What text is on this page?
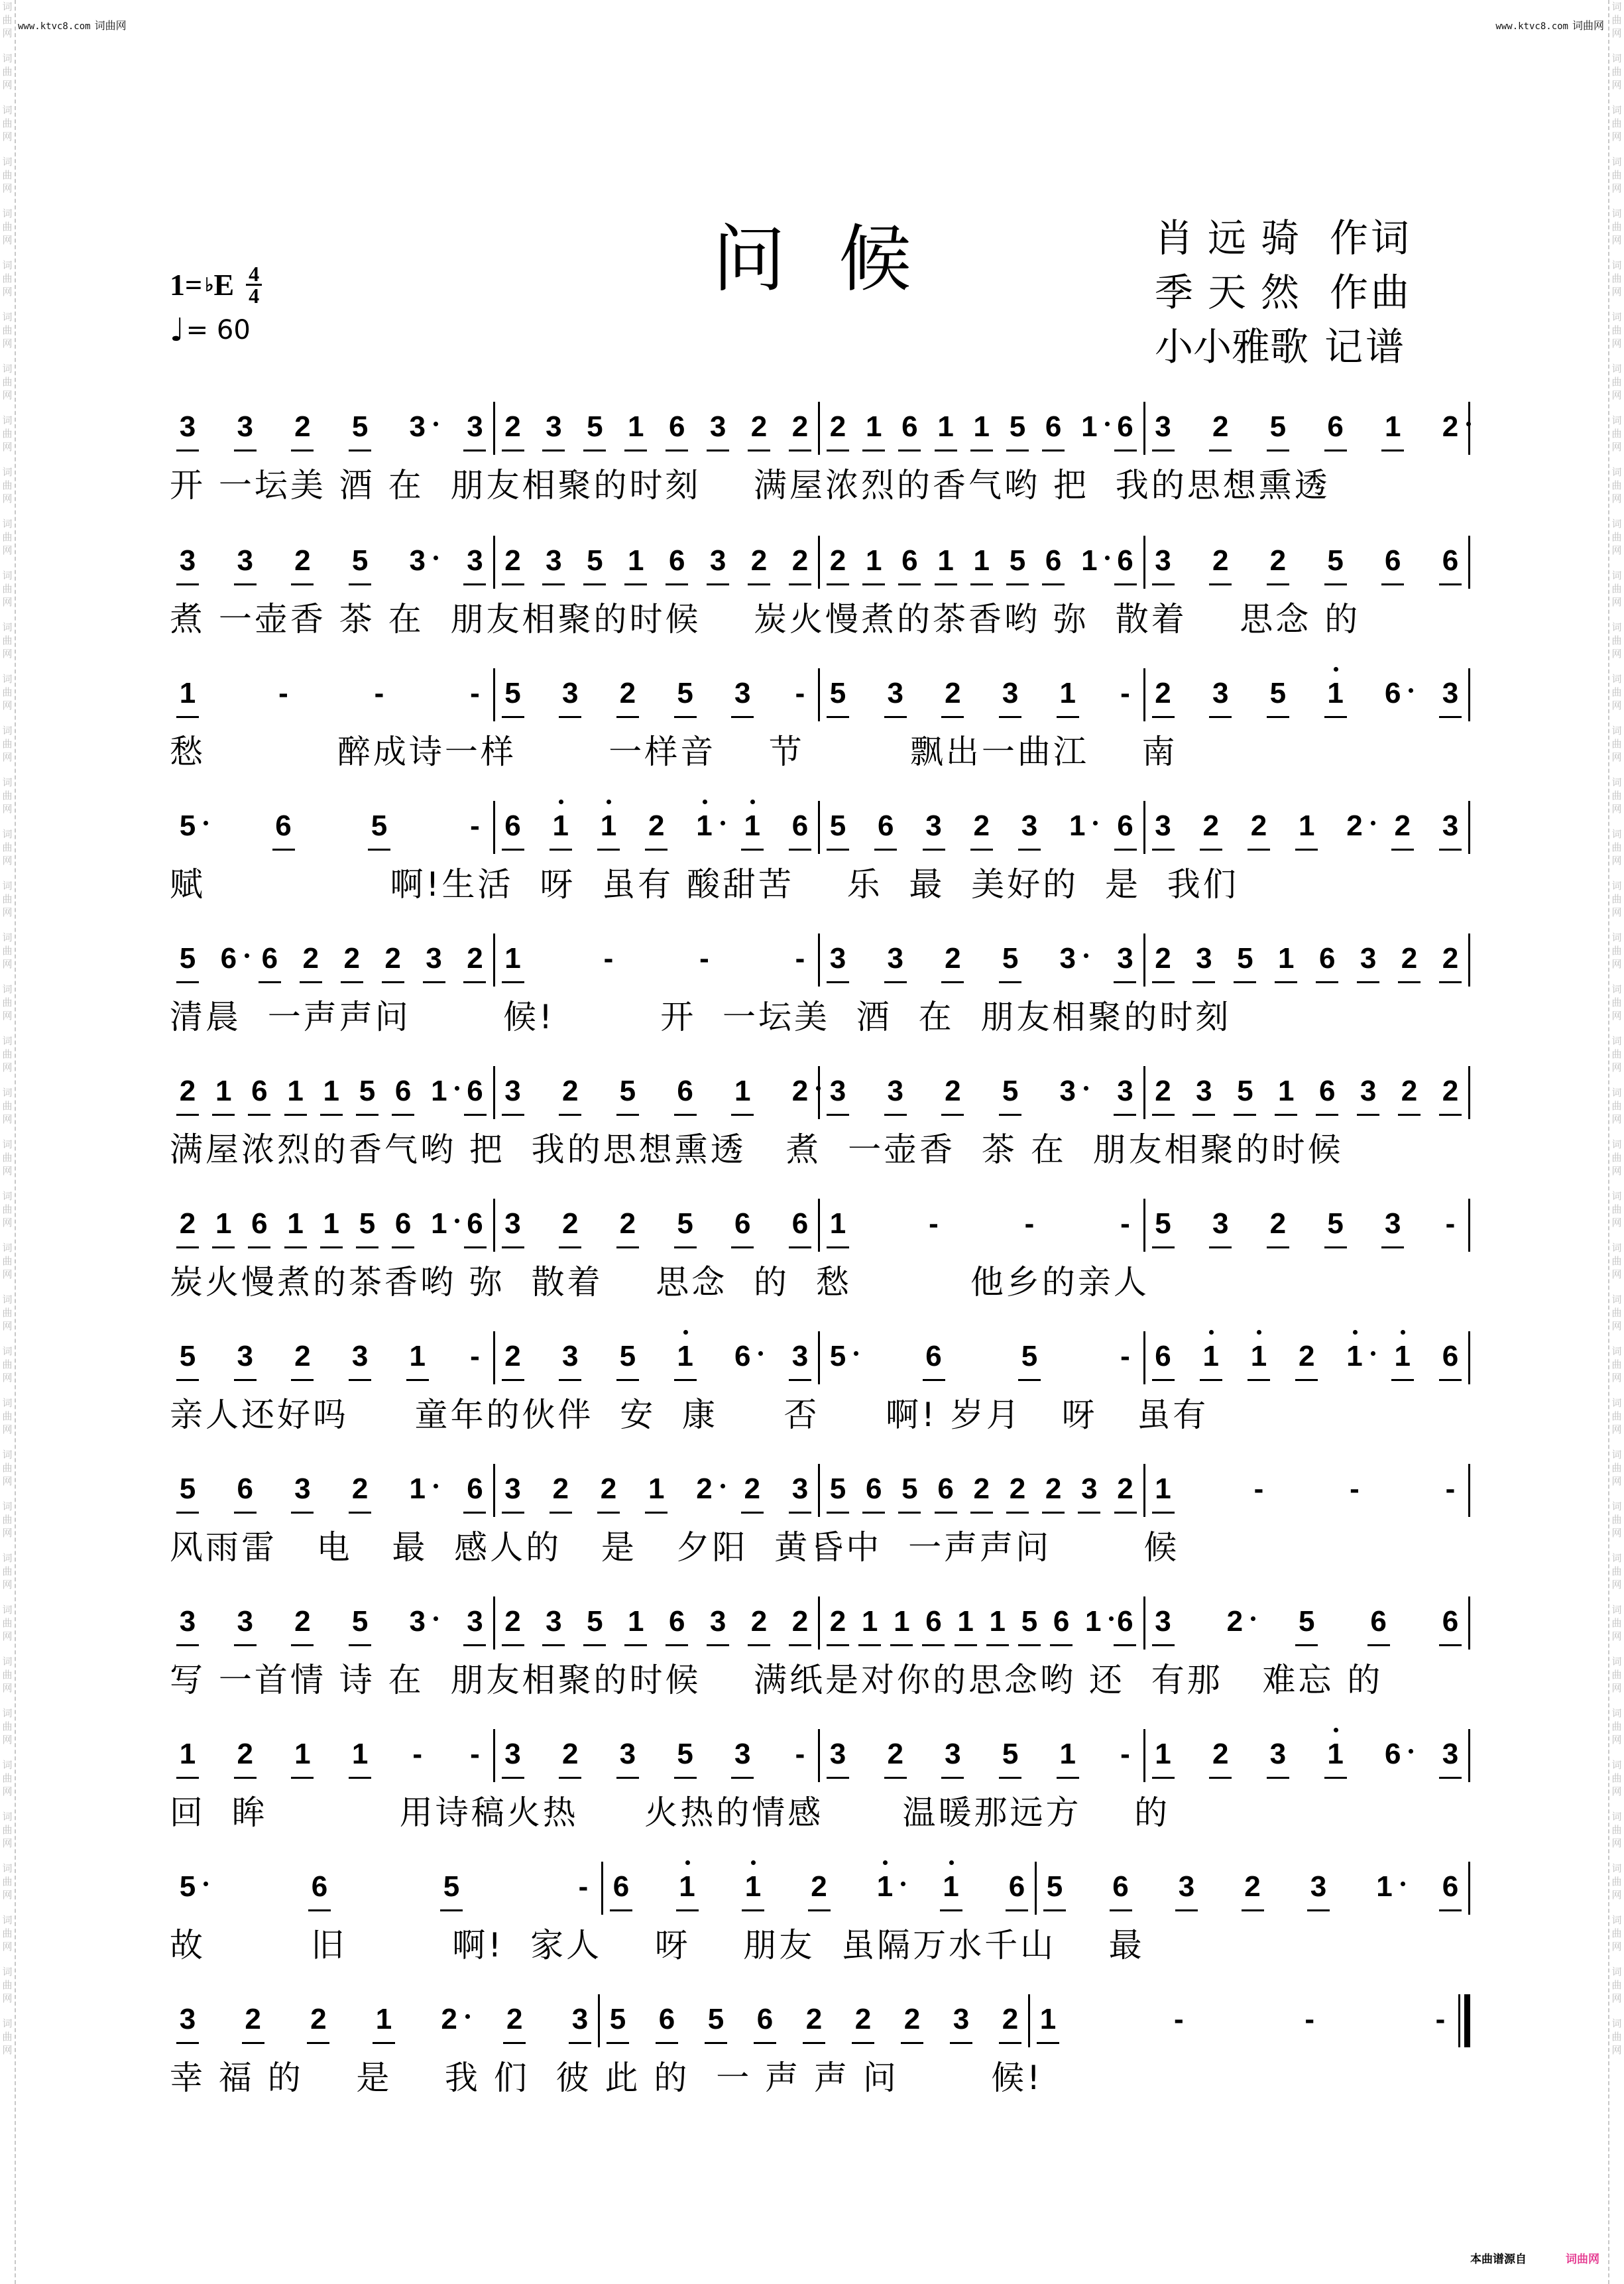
词
曲
网
词
曲
网
词
曲
网
词
曲
网
词
曲
网
词
曲
网
词
曲
网
词
曲
网
词
曲
网
词
曲
网
词
曲
网
词
曲
网
词
曲
网
词
曲
网
词
曲
网
词
曲
网
词
曲
网
词
曲
网
词
曲
网
词
曲
网
词
曲
网
词
曲
网
词
曲
网
词
曲
网
词
曲
网
词
曲
网
词
曲
网
词
曲
网
词
曲
网
词
曲
网
词
曲
网
词
曲
网
词
曲
网
词
曲
网
词
曲
网
词
曲
网
词
曲
网
词
曲
网
词
曲
网
词
曲
网
词
曲
网
词
曲
网
词
曲
网
词
曲
网
词
曲
网
词
曲
网
词
曲
网
词
曲
网
词
曲
网
词
曲
网
词
曲
网
词
曲
网
词
曲
网
词
曲
网
词
曲
网
词
曲
网
词
曲
网
词
曲
网
词
曲
网
词
曲
网
词
曲
网
词
曲
网
词
曲
网
词
曲
网
词
曲
网
词
曲
网
词
曲
网
词
曲
网
词
曲
网
词
曲
网
词
曲
网
词
曲
网
词
曲
网
词
曲
网
词
曲
网
词
曲
网
词
曲
网
词
曲
网
词
曲
网
词
曲
网
www.ktvc8.com 词曲网	www.ktvc8.com 词曲网
问候	肖远骑 作词
季天然 作曲
小小雅歌 记谱
1= ♭ E 4
4
♩ = 60
3 3 2 5 3 3 2 3 5 1 6 3 2 2 2 1 6 1 1 5 6 1 6 3 2 5 6 1 2
开 一坛美 酒 在  朋友相聚的时刻    满屋浓烈的香气哟 把  我的思想熏透
3 3 2 5 3 3 2 3 5 1 6 3 2 2 2 1 6 1 1 5 6 1 6 3 2 2 5 6 6
煮 一壶香 茶 在  朋友相聚的时候    炭火慢煮的茶香哟 弥  散着    思念 的
1	-	-	- 5 3 2 5 3 - 5 3 2 3 1 - 2 3 5 1 6 3
愁          醉成诗一样       一样音    节        飘出一曲江    南
5	6	5	- 6 1 1 2 1 1 6 5 6 3 2 3 1 6 3 2 2 1 2 2 3
赋              啊!生活  呀  虽有 酸甜苦    乐  最  美好的  是  我们
5 6 6 2 2 2 3 2 1	-	-	- 3 3 2 5 3 3 2 3 5 1 6 3 2 2
清晨  一声声问       候!        开  一坛美  酒  在  朋友相聚的时刻
2 1 6 1 1 5 6 1 6 3 2 5 6 1 2 3 3 2 5 3 3 2 3 5 1 6 3 2 2
满屋浓烈的香气哟 把  我的思想熏透   煮  一壶香  茶 在  朋友相聚的时候
2 1 6 1 1 5 6 1 6 3 2 2 5 6 6 1	-	-	- 5 3 2 5 3 -
炭火慢煮的茶香哟 弥  散着    思念  的  愁         他乡的亲人
5 3 2 3 1 - 2 3 5 1 6 3 5	6	5	- 6 1 1 2 1 1 6
亲人还好吗     童年的伙伴  安  康     否     啊! 岁月   呀   虽有
5 6 3 2 1 6 3 2 2 1 2 2 3 5 6 5 6 2 2 2 3 2 1	-	-	-
风雨雷   电   最  感人的   是   夕阳  黄昏中  一声声问       候
3 3 2 5 3 3 2 3 5 1 6 3 2 2 2 1 1 6 1 1 5 6 1 6 3 2 5 6 6
写 一首情 诗 在  朋友相聚的时候    满纸是对你的思念哟 还  有那   难忘 的
1 2 1 1 - - 3 2 3 5 3 - 3 2 3 5 1 - 1 2 3 1 6 3
回  眸          用诗稿火热     火热的情感      温暖那远方    的
5	6	5	- 6 1 1 2 1 1 6 5 6 3 2 3 1 6
故        旧        啊!  家人    呀    朋友  虽隔万水千山    最
3 2 2 1 2 2 3 5 6 5 6 2 2 2 3 2 1	-	-	-
幸 福 的    是    我 们  彼 此 的  一 声 声 问       候!
本曲谱源自	词曲网
